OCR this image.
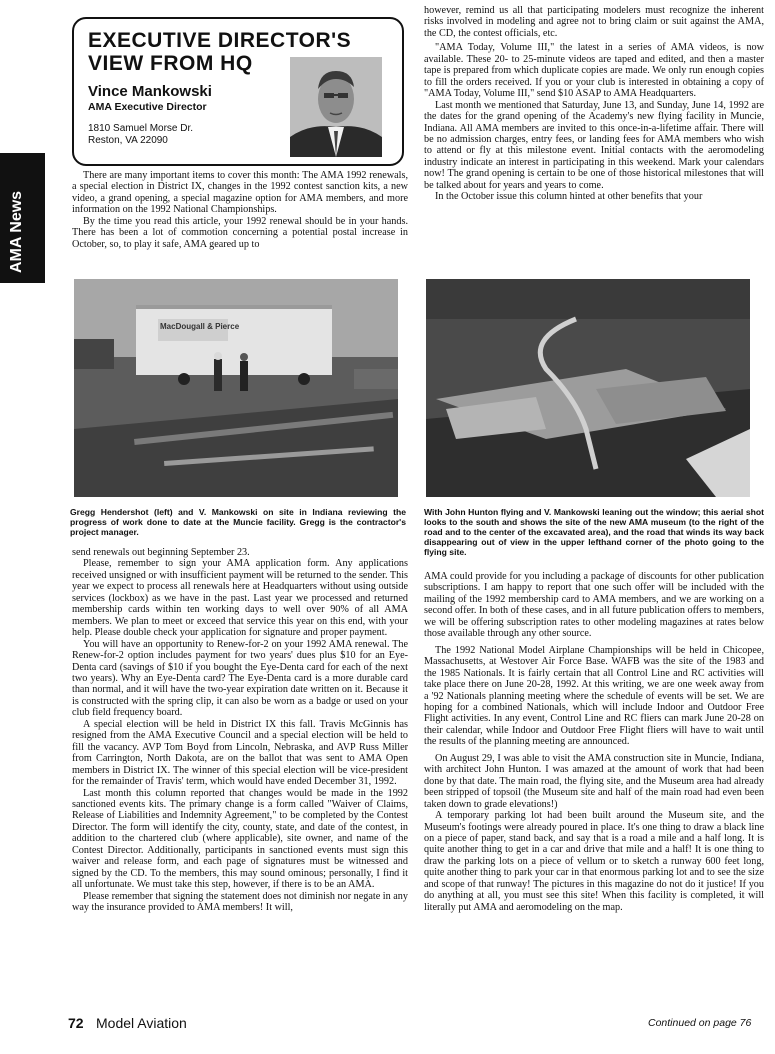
AMA News
EXECUTIVE DIRECTOR'S VIEW FROM HQ
Vince Mankowski
AMA Executive Director
1810 Samuel Morse Dr.
Reston, VA 22090

There are many important items to cover this month: The AMA 1992 renewals, a special election in District IX, changes in the 1992 contest sanction kits, a new video, a grand opening, a special magazine option for AMA members, and more information on the 1992 National Championships.

By the time you read this article, your 1992 renewal should be in your hands. There has been a lot of commotion concerning a potential postal increase in October, so, to play it safe, AMA geared up to

however, remind us all that participating modelers must recognize the inherent risks involved in modeling and agree not to bring claim or suit against the AMA, the CD, the contest officials, etc.

"AMA Today, Volume III," the latest in a series of AMA videos, is now available. These 20- to 25-minute videos are taped and edited, and then a master tape is prepared from which duplicate copies are made. We only run enough copies to fill the orders received. If you or your club is interested in obtaining a copy of "AMA Today, Volume III," send $10 ASAP to AMA Headquarters.

Last month we mentioned that Saturday, June 13, and Sunday, June 14, 1992 are the dates for the grand opening of the Academy's new flying facility in Muncie, Indiana. All AMA members are invited to this once-in-a-lifetime affair. There will be no admission charges, entry fees, or landing fees for AMA members who wish to attend or fly at this milestone event. Initial contacts with the aeromodeling industry indicate an interest in participating in this weekend. Mark your calendars now! The grand opening is certain to be one of those historical milestones that will be talked about for years and years to come.

In the October issue this column hinted at other benefits that your

MacDougall & Pierce
Gregg Hendershot (left) and V. Mankowski on site in Indiana reviewing the progress of work done to date at the Muncie facility. Gregg is the contractor's project manager.
With John Hunton flying and V. Mankowski leaning out the window; this aerial shot looks to the south and shows the site of the new AMA museum (to the right of the road and to the center of the excavated area), and the road that winds its way back disappearing out of view in the upper lefthand corner of the photo going to the flying site.

send renewals out beginning September 23.

Please, remember to sign your AMA application form. Any applications received unsigned or with insufficient payment will be returned to the sender. This year we expect to process all renewals here at Headquarters without using outside services (lockbox) as we have in the past. Last year we processed and returned membership cards within ten working days to well over 90% of all AMA members. We plan to meet or exceed that service this year on this end, with your help. Please double check your application for signature and proper payment.

You will have an opportunity to Renew-for-2 on your 1992 AMA renewal. The Renew-for-2 option includes payment for two years' dues plus $10 for an Eye-Denta card (savings of $10 if you bought the Eye-Denta card for each of the next two years). Why an Eye-Denta card? The Eye-Denta card is a more durable card than normal, and it will have the two-year expiration date written on it. Because it is constructed with the spring clip, it can also be worn as a badge or used on your club field frequency board.

A special election will be held in District IX this fall. Travis McGinnis has resigned from the AMA Executive Council and a special election will be held to fill the vacancy. AVP Tom Boyd from Lincoln, Nebraska, and AVP Russ Miller from Carrington, North Dakota, are on the ballot that was sent to AMA Open members in District IX. The winner of this special election will be vice-president for the remainder of Travis' term, which would have ended December 31, 1992.

Last month this column reported that changes would be made in the 1992 sanctioned events kits. The primary change is a form called "Waiver of Claims, Release of Liabilities and Indemnity Agreement," to be completed by the Contest Director. The form will identify the city, county, state, and date of the contest, in addition to the chartered club (where applicable), site owner, and name of the Contest Director. Additionally, participants in sanctioned events must sign this waiver and release form, and each page of signatures must be witnessed and signed by the CD. To the members, this may sound ominous; personally, I find it all unfortunate. We must take this step, however, if there is to be an AMA.

Please remember that signing the statement does not diminish nor negate in any way the insurance provided to AMA members! It will,

AMA could provide for you including a package of discounts for other publication subscriptions. I am happy to report that one such offer will be included with the mailing of the 1992 membership card to AMA members, and we are working on a second offer. In both of these cases, and in all future publication offers to members, we will be offering subscription rates to other modeling magazines at rates below those available through any other source.

The 1992 National Model Airplane Championships will be held in Chicopee, Massachusetts, at Westover Air Force Base. WAFB was the site of the 1983 and the 1985 Nationals. It is fairly certain that all Control Line and RC activities will take place there on June 20-28, 1992. At this writing, we are one week away from a '92 Nationals planning meeting where the schedule of events will be set. We are hoping for a combined Nationals, which will include Indoor and Outdoor Free Flight activities. In any event, Control Line and RC fliers can mark June 20-28 on their calendar, while Indoor and Outdoor Free Flight fliers will have to wait until the results of the planning meeting are announced.

On August 29, I was able to visit the AMA construction site in Muncie, Indiana, with architect John Hunton. I was amazed at the amount of work that had been done by that date. The main road, the flying site, and the Museum area had already been stripped of topsoil (the Museum site and half of the main road had even been taken down to grade elevations!)

A temporary parking lot had been built around the Museum site, and the Museum's footings were already poured in place. It's one thing to draw a black line on a piece of paper, stand back, and say that is a road a mile and a half long. It is quite another thing to get in a car and drive that mile and a half! It is one thing to draw the parking lots on a piece of vellum or to sketch a runway 600 feet long, quite another thing to park your car in that enormous parking lot and to see the size and scope of that runway! The pictures in this magazine do not do it justice! If you do anything at all, you must see this site! When this facility is completed, it will literally put AMA and aeromodeling on the map.

72 Model Aviation	Continued on page 76
